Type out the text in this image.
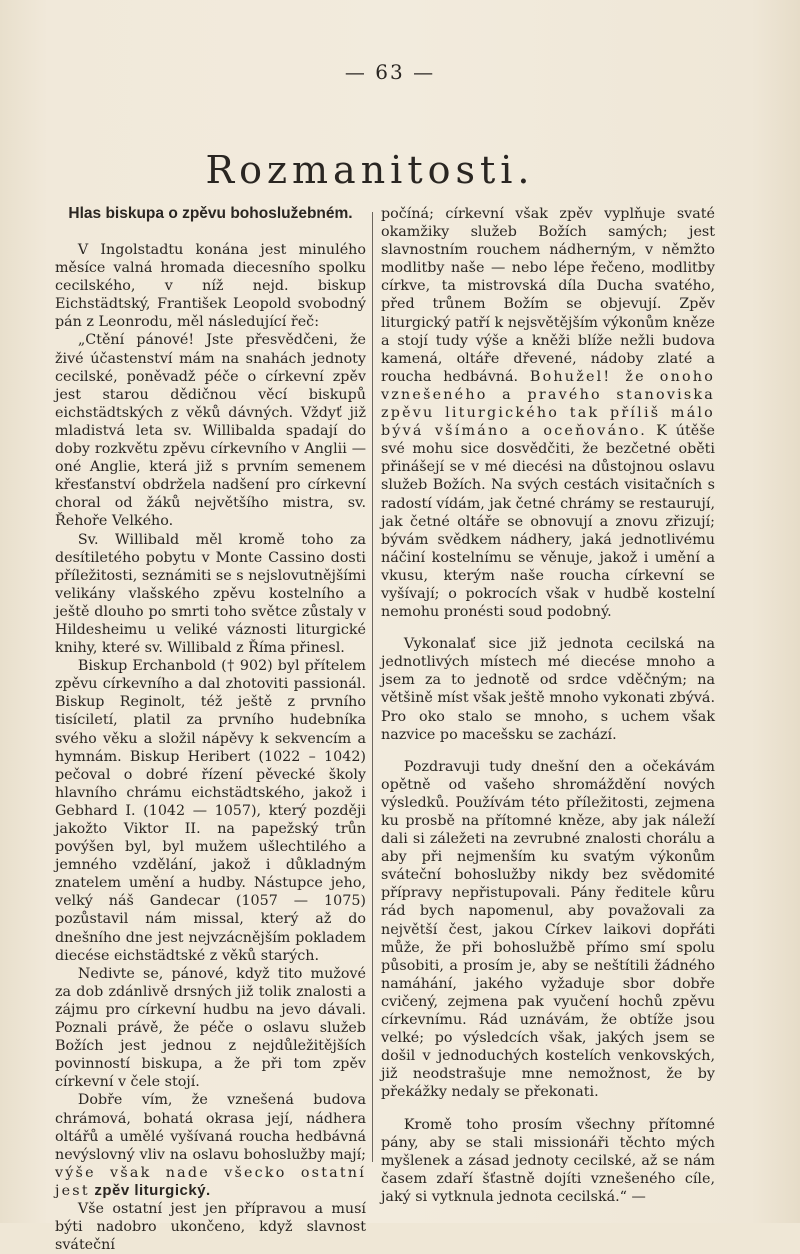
— 63 —
Rozmanitosti.
Hlas biskupa o zpěvu bohoslužebném.

V Ingolstadtu konána jest minulého měsíce valná hromada diecesního spolku cecilského, v níž nejd. biskup Eichstädtský, František Leopold svobodný pán z Leonrodu, měl následující řeč:

„Ctění pánové! Jste přesvědčeni, že živé účastenství mám na snahách jednoty cecilské, poněvadž péče o církevní zpěv jest starou dědičnou věcí biskupů eichstädtských z věků dávných. Vždyť již mladistvá leta sv. Willibalda spadají do doby rozkvětu zpěvu církevního v Anglii — oné Anglie, která již s prvním semenem křesťanství obdržela nadšení pro církevní choral od žáků největšího mistra, sv. Řehoře Velkého.

Sv. Willibald měl kromě toho za desítiletého pobytu v Monte Cassino dosti příležitosti, seznámiti se s nejslovutnějšími velikány vlašského zpěvu kostelního a ještě dlouho po smrti toho světce zůstaly v Hildesheimu u veliké váznosti liturgické knihy, které sv. Willibald z Říma přinesl.

Biskup Erchanbold († 902) byl přítelem zpěvu církevního a dal zhotoviti passionál. Biskup Reginolt, též ještě z prvního tisíciletí, platil za prvního hudebníka svého věku a složil nápěvy k sekvencím a hymnám. Biskup Heribert (1022 – 1042) pečoval o dobré řízení pěvecké školy hlavního chrámu eichstädtského, jakož i Gebhard I. (1042 — 1057), který později jakožto Viktor II. na papežský trůn povýšen byl, byl mužem ušlechtilého a jemného vzdělání, jakož i důkladným znatelem umění a hudby. Nástupce jeho, velký náš Gandecar (1057 — 1075) pozůstavil nám missal, který až do dnešního dne jest nejvzácnějším pokladem diecése eichstädtské z věků starých.

Nedivte se, pánové, když tito mužové za dob zdánlivě drsných již tolik znalosti a zájmu pro církevní hudbu na jevo dávali. Poznali právě, že péče o oslavu služeb Božích jest jednou z nejdůležitějších povinností biskupa, a že při tom zpěv církevní v čele stojí.

Dobře vím, že vznešená budova chrámová, bohatá okrasa její, nádhera oltářů a umělé vyšívaná roucha hedbávná nevýslovný vliv na oslavu bohoslužby mají; výše však nade všecko ostatní jest zpěv liturgický.

Vše ostatní jest jen přípravou a musí býti nadobro ukončeno, když slavnost sváteční

počíná; církevní však zpěv vyplňuje svaté okamžiky služeb Božích samých; jest slavnostním rouchem nádherným, v němžto modlitby naše — nebo lépe řečeno, modlitby církve, ta mistrovská díla Ducha svatého, před trůnem Božím se objevují. Zpěv liturgický patří k nejsvětějším výkonům kněze a stojí tudy výše a kněži blíže nežli budova kamená, oltáře dřevené, nádoby zlaté a roucha hedbávná. Bohužel! že onoho vznešeného a pravého stanoviska zpěvu liturgického tak příliš málo bývá všímáno a oceňováno. K útěše své mohu sice dosvědčiti, že bezčetné oběti přinášejí se v mé diecési na důstojnou oslavu služeb Božích. Na svých cestách visitačních s radostí vídám, jak četné chrámy se restaurují, jak četné oltáře se obnovují a znovu zřizují; bývám svědkem nádhery, jaká jednotlivému náčiní kostelnímu se věnuje, jakož i umění a vkusu, kterým naše roucha církevní se vyšívají; o pokrocích však v hudbě kostelní nemohu pronésti soud podobný.

Vykonalať sice již jednota cecilská na jednotlivých místech mé diecése mnoho a jsem za to jednotě od srdce vděčným; na většině míst však ještě mnoho vykonati zbývá. Pro oko stalo se mnoho, s uchem však nazvice po macešsku se zachází.

Pozdravuji tudy dnešní den a očekávám opětně od vašeho shromáždění nových výsledků. Používám této příležitosti, zejmena ku prosbě na přítomné kněze, aby jak náleží dali si záležeti na zevrubné znalosti chorálu a aby při nejmenším ku svatým výkonům sváteční bohoslužby nikdy bez svědomité přípravy nepřistupovali. Pány ředitele kůru rád bych napomenul, aby považovali za největší čest, jakou Církev laikovi dopřáti může, že při bohoslužbě přímo smí spolu působiti, a prosím je, aby se neštítili žádného namáhání, jakého vyžaduje sbor dobře cvičený, zejmena pak vyučení hochů zpěvu církevnímu. Rád uznávám, že obtíže jsou velké; po výsledcích však, jakých jsem se došil v jednoduchých kostelích venkovských, již neodstrašuje mne nemožnost, že by překážky nedaly se překonati.

Kromě toho prosím všechny přítomné pány, aby se stali missionáři těchto mých myšlenek a zásad jednoty cecilské, až se nám časem zdaří šťastně dojíti vznešeného cíle, jaký si vytknula jednota cecilská.“ —
